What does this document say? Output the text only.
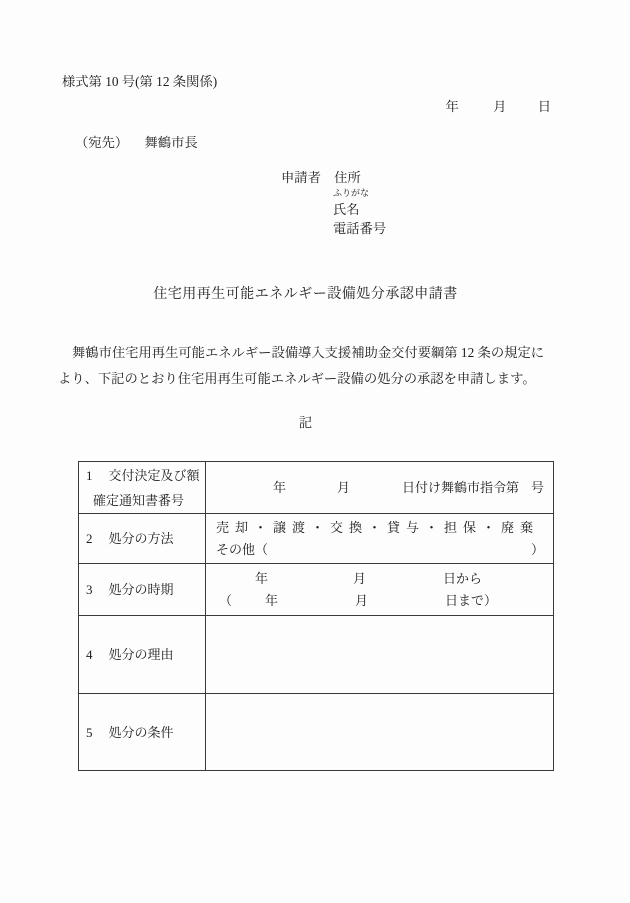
様式第 10 号(第 12 条関係)
年	月 日
（宛先） 舞鶴市長
申請者　住所
ふりがな
氏名
電話番号
住宅用再生可能エネルギー設備処分承認申請書
舞鶴市住宅用再生可能エネルギー設備導入支援補助金交付要綱第 12 条の規定に
より、下記のとおり住宅用再生可能エネルギー設備の処分の承認を申請します。
記
1 交付決定及び額
確定通知書番号	年 月 日付け舞鶴市指令第 号

2 処分の方法	売却・譲渡・交換・貸与・担保・廃棄
その他（ ）

3 処分の時期	年 月 日から
（ 年 月 日まで）

4 処分の理由	

5 処分の条件	
